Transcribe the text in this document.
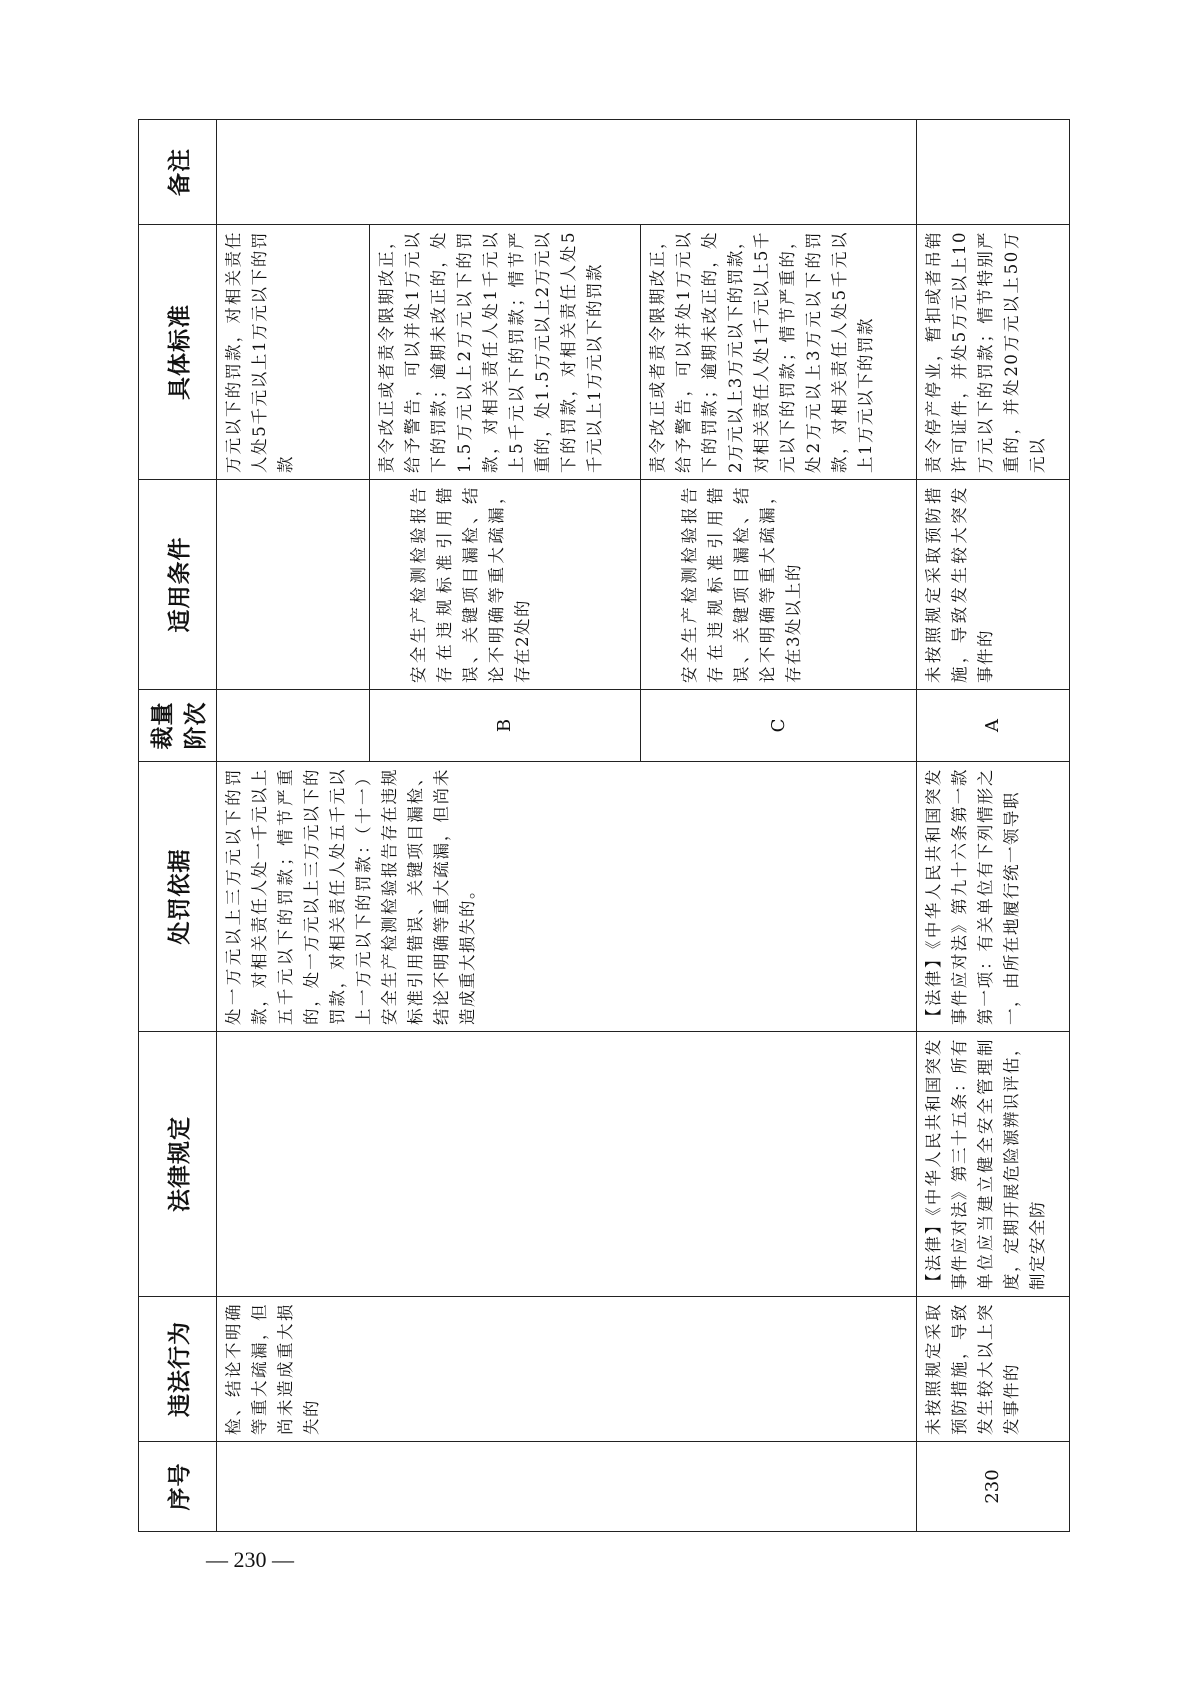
序号	违法行为	法律规定	处罚依据	裁量阶次	适用条件	具体标准	备注
	检、结论不明确等重大疏漏，但尚未造成重大损失的		处一万元以上三万元以下的罚款，对相关责任人处一千元以上五千元以下的罚款；情节严重的，处一万元以上三万元以下的罚款，对相关责任人处五千元以上一万元以下的罚款：（十一）安全生产检测检验报告存在违规标准引用错误、关键项目漏检、结论不明确等重大疏漏，但尚未造成重大损失的。			万元以下的罚款，对相关责任人处5千元以上1万元以下的罚款	
				B	安全生产检测检验报告存在违规标准引用错误、关键项目漏检、结论不明确等重大疏漏，存在2处的	责令改正或者责令限期改正，给予警告，可以并处1万元以下的罚款；逾期未改正的，处1.5万元以上2万元以下的罚款，对相关责任人处1千元以上5千元以下的罚款；情节严重的，处1.5万元以上2万元以下的罚款，对相关责任人处5千元以上1万元以下的罚款	
				C	安全生产检测检验报告存在违规标准引用错误、关键项目漏检、结论不明确等重大疏漏，存在3处以上的	责令改正或者责令限期改正，给予警告，可以并处1万元以下的罚款；逾期未改正的，处2万元以上3万元以下的罚款，对相关责任人处1千元以上5千元以下的罚款；情节严重的，处2万元以上3万元以下的罚款，对相关责任人处5千元以上1万元以下的罚款	
230	未按照规定采取预防措施，导致发生较大以上突发事件的	【法律】《中华人民共和国突发事件应对法》第三十五条：所有单位应当建立健全安全管理制度，定期开展危险源辨识评估，制定安全防	【法律】《中华人民共和国突发事件应对法》第九十六条第一款第一项：有关单位有下列情形之一，由所在地履行统一领导职	A	未按照规定采取预防措施，导致发生较大突发事件的	责令停产停业，暂扣或者吊销许可证件，并处5万元以上10万元以下的罚款；情节特别严重的，并处20万元以上50万元以	
— 230 —
